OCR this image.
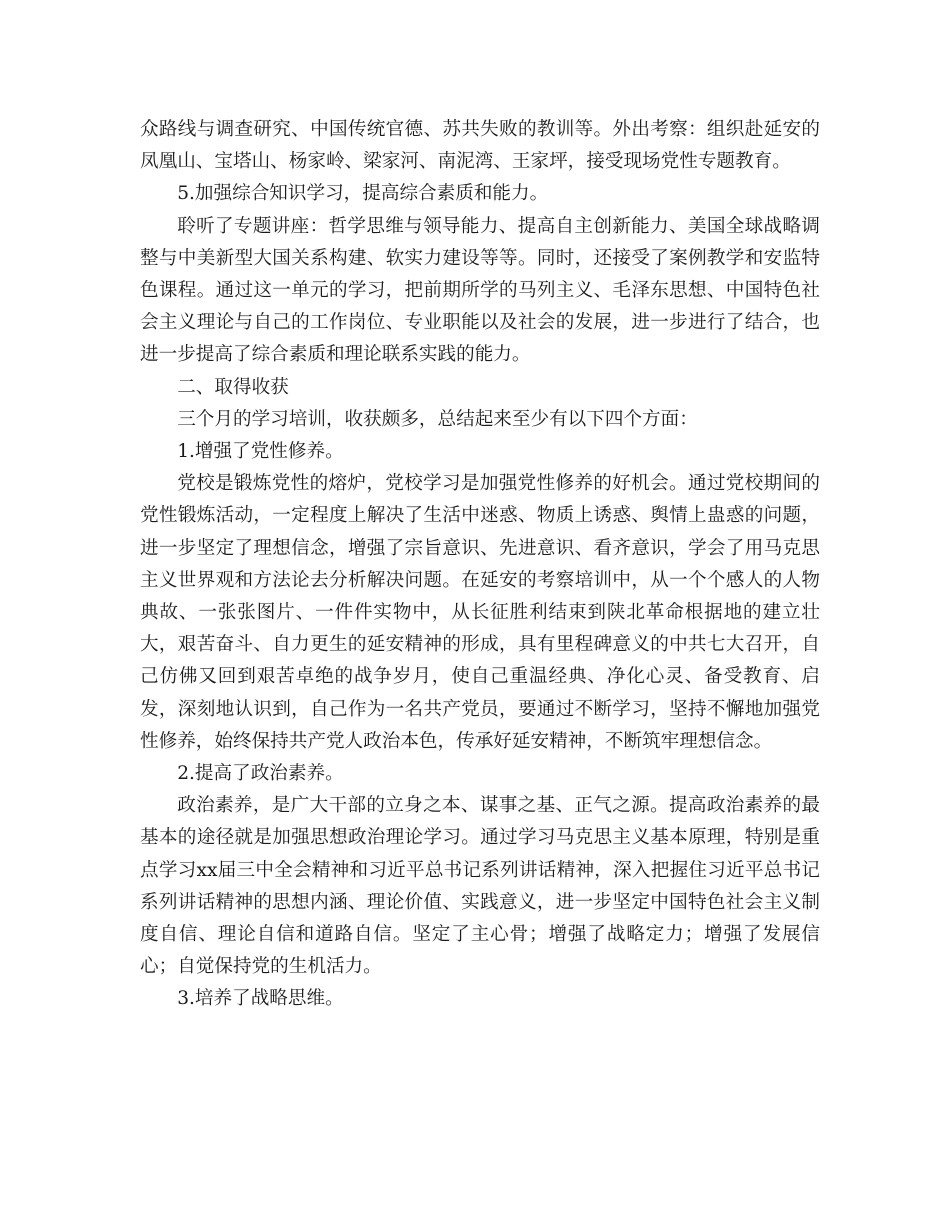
众路线与调查研究、中国传统官德、苏共失败的教训等。外出考察：组织赴延安的凤凰山、宝塔山、杨家岭、梁家河、南泥湾、王家坪，接受现场党性专题教育。

5.加强综合知识学习，提高综合素质和能力。

聆听了专题讲座：哲学思维与领导能力、提高自主创新能力、美国全球战略调整与中美新型大国关系构建、软实力建设等等。同时，还接受了案例教学和安监特色课程。通过这一单元的学习，把前期所学的马列主义、毛泽东思想、中国特色社会主义理论与自己的工作岗位、专业职能以及社会的发展，进一步进行了结合，也进一步提高了综合素质和理论联系实践的能力。

二、取得收获

三个月的学习培训，收获颇多，总结起来至少有以下四个方面：

1.增强了党性修养。

党校是锻炼党性的熔炉，党校学习是加强党性修养的好机会。通过党校期间的党性锻炼活动，一定程度上解决了生活中迷惑、物质上诱惑、舆情上蛊惑的问题，进一步坚定了理想信念，增强了宗旨意识、先进意识、看齐意识，学会了用马克思主义世界观和方法论去分析解决问题。在延安的考察培训中，从一个个感人的人物典故、一张张图片、一件件实物中，从长征胜利结束到陕北革命根据地的建立壮大，艰苦奋斗、自力更生的延安精神的形成，具有里程碑意义的中共七大召开，自己仿佛又回到艰苦卓绝的战争岁月，使自己重温经典、净化心灵、备受教育、启发，深刻地认识到，自己作为一名共产党员，要通过不断学习，坚持不懈地加强党性修养，始终保持共产党人政治本色，传承好延安精神，不断筑牢理想信念。

2.提高了政治素养。

政治素养，是广大干部的立身之本、谋事之基、正气之源。提高政治素养的最基本的途径就是加强思想政治理论学习。通过学习马克思主义基本原理，特别是重点学习xx届三中全会精神和习近平总书记系列讲话精神，深入把握住习近平总书记系列讲话精神的思想内涵、理论价值、实践意义，进一步坚定中国特色社会主义制度自信、理论自信和道路自信。坚定了主心骨；增强了战略定力；增强了发展信心；自觉保持党的生机活力。

3.培养了战略思维。
